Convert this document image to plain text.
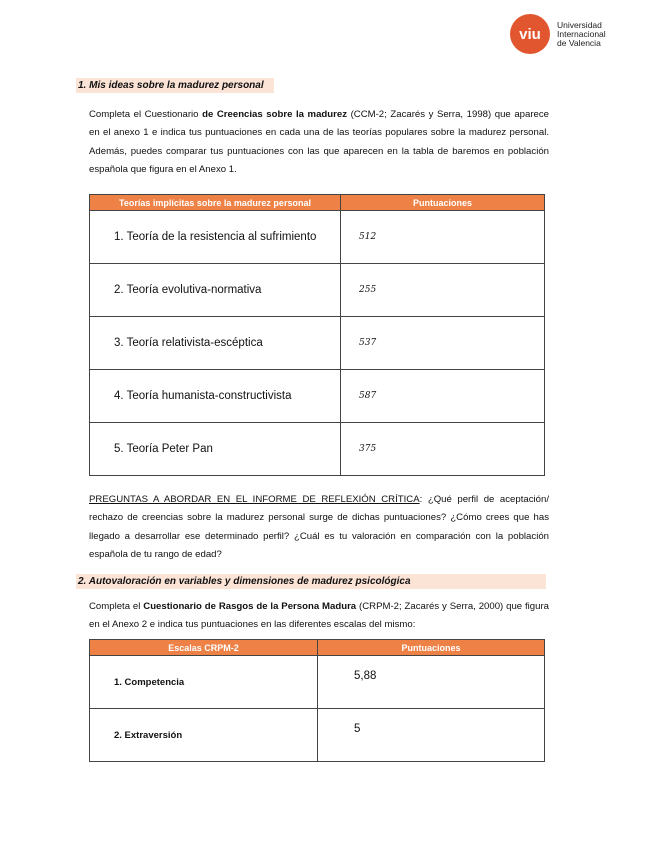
viu
Universidad
Internacional
de Valencia
1. Mis ideas sobre la madurez personal
Completa el Cuestionario de Creencias sobre la madurez (CCM-2; Zacarés y Serra, 1998) que aparece en el anexo 1 e indica tus puntuaciones en cada una de las teorías populares sobre la madurez personal. Además, puedes comparar tus puntuaciones con las que aparecen en la tabla de baremos en población española que figura en el Anexo 1.
Teorías implícitas sobre la madurez personal	Puntuaciones
1. Teoría de la resistencia al sufrimiento	512
2. Teoría evolutiva-normativa	255
3. Teoría relativista-escéptica	537
4. Teoría humanista-constructivista	587
5. Teoría Peter Pan	375
PREGUNTAS A ABORDAR EN EL INFORME DE REFLEXIÓN CRÍTICA: ¿Qué perfil de aceptación/ rechazo de creencias sobre la madurez personal surge de dichas puntuaciones? ¿Cómo crees que has llegado a desarrollar ese determinado perfil? ¿Cuál es tu valoración en comparación con la población española de tu rango de edad?
2. Autovaloración en variables y dimensiones de madurez psicológica
Completa el Cuestionario de Rasgos de la Persona Madura (CRPM-2; Zacarés y Serra, 2000) que figura en el Anexo 2 e indica tus puntuaciones en las diferentes escalas del mismo:
Escalas CRPM-2	Puntuaciones
1. Competencia	5,88
2. Extraversión	5
